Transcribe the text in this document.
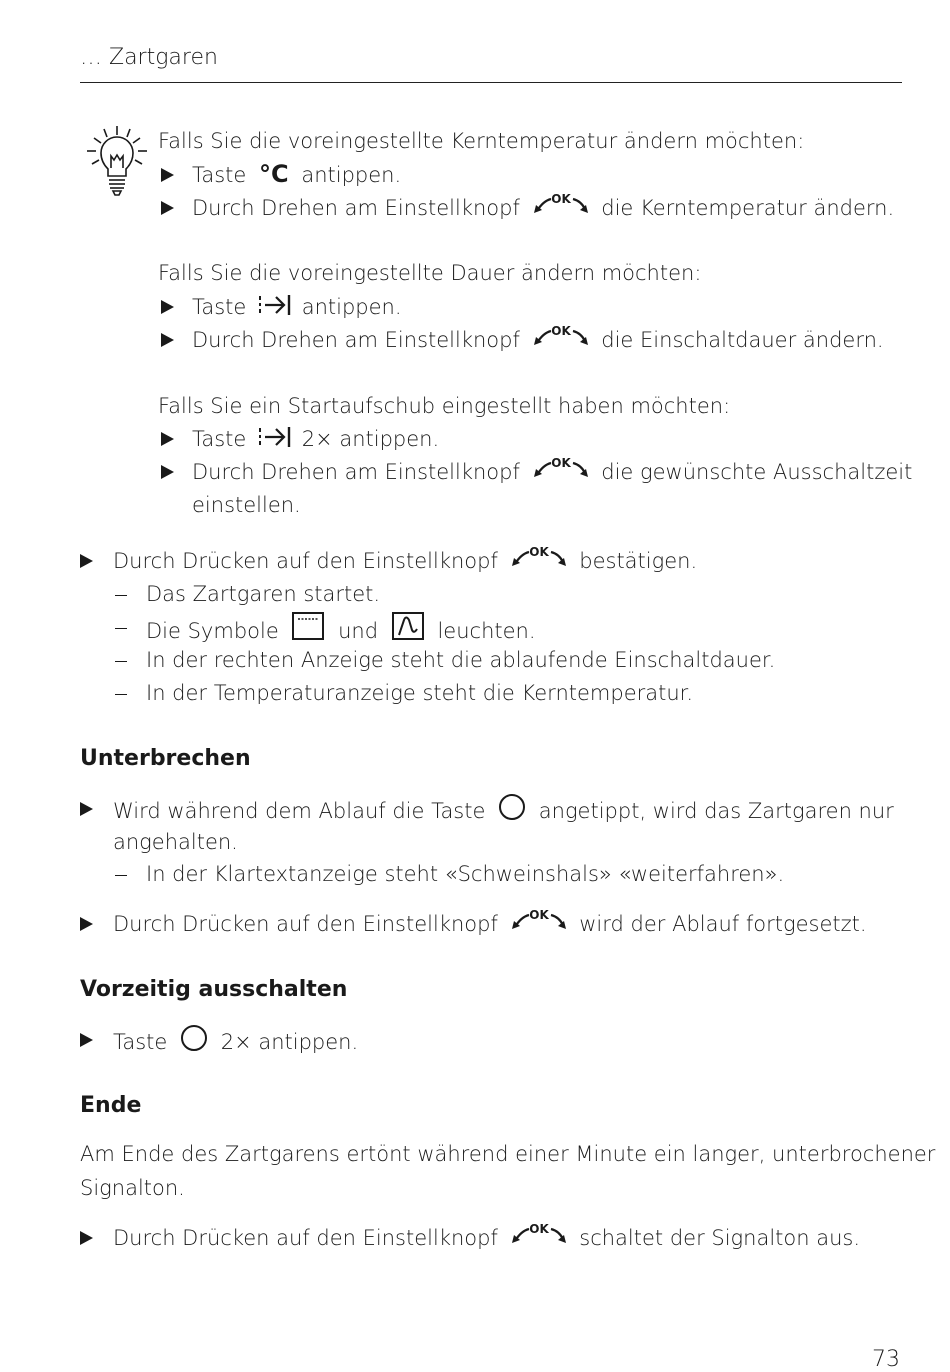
… Zartgaren
Falls Sie die voreingestellte Kerntemperatur ändern möchten:
Taste °C antippen.
Durch Drehen am Einstellknopf	die Kerntemperatur ändern.
Falls Sie die voreingestellte Dauer ändern möchten:
Taste	antippen.
Durch Drehen am Einstellknopf	die Einschaltdauer ändern.
Falls Sie ein Startaufschub eingestellt haben möchten:
Taste	2× antippen.
Durch Drehen am Einstellknopf	die gewünschte Ausschaltzeit
einstellen.
Durch Drücken auf den Einstellknopf	bestätigen.
Das Zartgaren startet.
Die Symbole	und	leuchten.
In der rechten Anzeige steht die ablaufende Einschaltdauer.
In der Temperaturanzeige steht die Kerntemperatur.
Unterbrechen
Wird während dem Ablauf die Taste	angetippt, wird das Zartgaren nur
angehalten.
In der Klartextanzeige steht «Schweinshals» «weiterfahren».
Durch Drücken auf den Einstellknopf	wird der Ablauf fortgesetzt.
Vorzeitig ausschalten
Taste	2× antippen.
Ende
Am Ende des Zartgarens ertönt während einer Minute ein langer, unterbrochener
Signalton.
Durch Drücken auf den Einstellknopf	schaltet der Signalton aus.
73
